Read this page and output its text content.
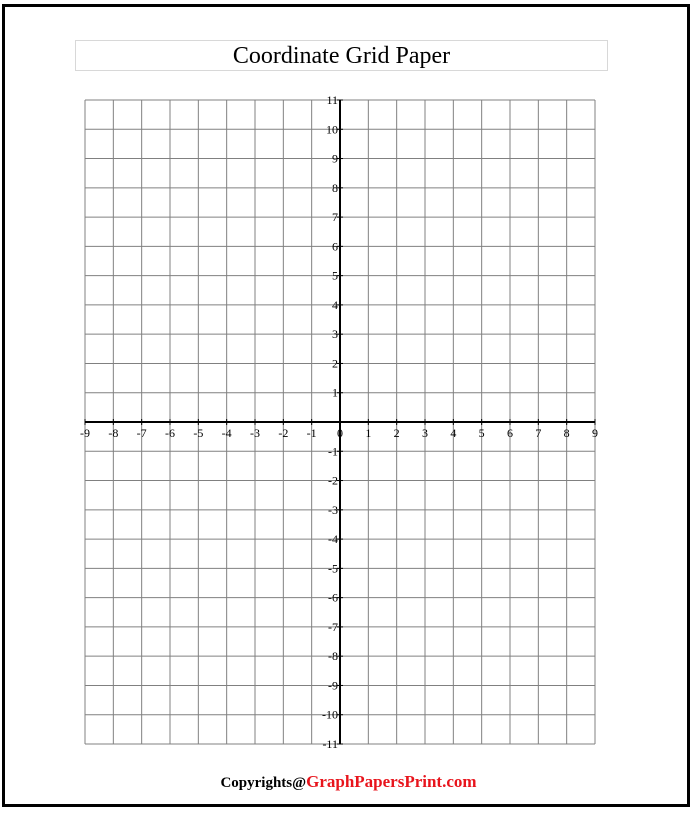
Coordinate Grid Paper
-9 -8 -7 -6 -5 -4 -3 -2 -1 0 1 2 3 4 5 6 7 8 9
-11
-10
-9
-8
-7
-6
-5
-4
-3
-2
-1
1
2
3
4
5
6
7
8
9
10
11
Copyrights@GraphPapersPrint.com
